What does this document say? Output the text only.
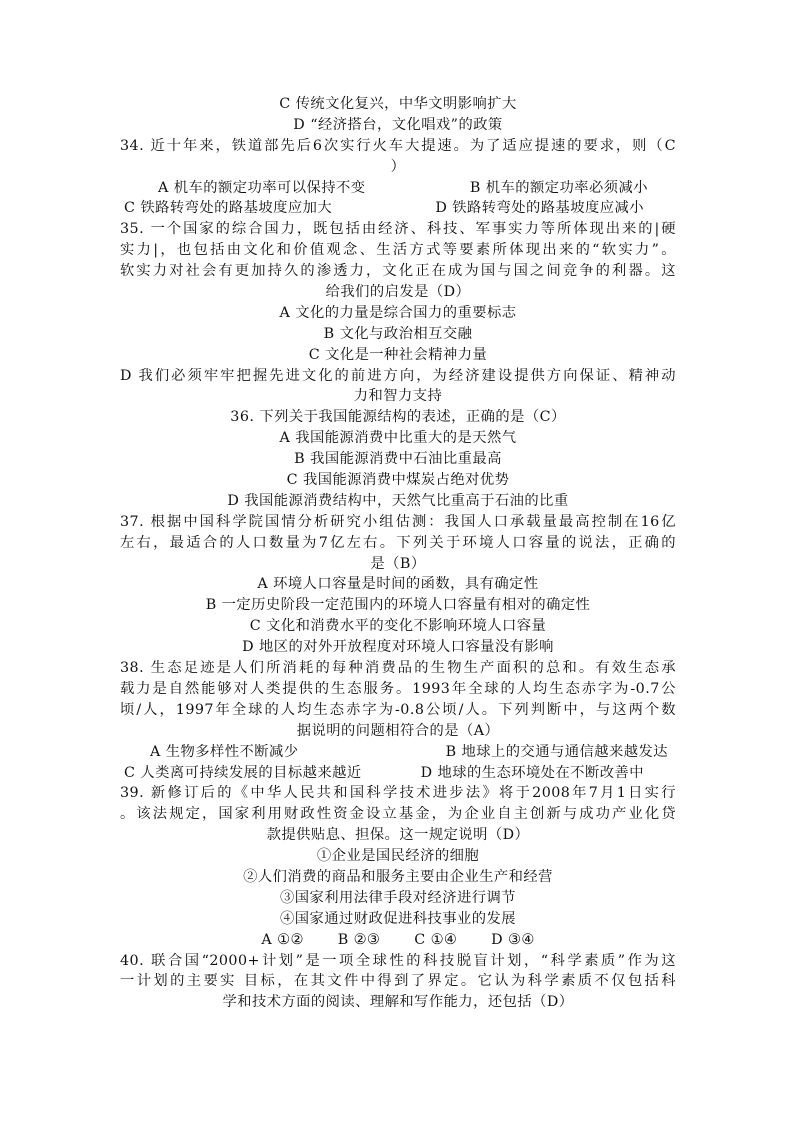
C 传统文化复兴，中华文明影响扩大
D “经济搭台，文化唱戏”的政策
34. 近十年来，铁道部先后6次实行火车大提速。为了适应提速的要求，则（C
）
A 机车的额定功率可以保持不变	B 机车的额定功率必须减小
C 铁路转弯处的路基坡度应加大	D 铁路转弯处的路基坡度应减小
35. 一个国家的综合国力，既包括由经济、科技、军事实力等所体现出来的|硬
实力|，也包括由文化和价值观念、生活方式等要素所体现出来的“软实力”。
软实力对社会有更加持久的渗透力，文化正在成为国与国之间竞争的利器。这
给我们的启发是（D）
A 文化的力量是综合国力的重要标志
B 文化与政治相互交融
C 文化是一种社会精神力量
D 我们必须牢牢把握先进文化的前进方向，为经济建设提供方向保证、精神动
力和智力支持
36. 下列关于我国能源结构的表述，正确的是（C）
A 我国能源消费中比重大的是天然气
B 我国能源消费中石油比重最高
C 我国能源消费中煤炭占绝对优势
D 我国能源消费结构中，天然气比重高于石油的比重
37. 根据中国科学院国情分析研究小组估测：我国人口承载量最高控制在16亿
左右，最适合的人口数量为7亿左右。下列关于环境人口容量的说法，正确的
是（B）
A 环境人口容量是时间的函数，具有确定性
B 一定历史阶段一定范围内的环境人口容量有相对的确定性
C 文化和消费水平的变化不影响环境人口容量
D 地区的对外开放程度对环境人口容量没有影响
38. 生态足迹是人们所消耗的每种消费品的生物生产面积的总和。有效生态承
载力是自然能够对人类提供的生态服务。1993年全球的人均生态赤字为-0.7公
顷/人，1997年全球的人均生态赤字为-0.8公顷/人。下列判断中，与这两个数
据说明的问题相符合的是（A）
A 生物多样性不断减少	B 地球上的交通与通信越来越发达
C 人类离可持续发展的目标越来越近	D 地球的生态环境处在不断改善中
39. 新修订后的《中华人民共和国科学技术进步法》将于2008年7月1日实行
。该法规定，国家利用财政性资金设立基金，为企业自主创新与成功产业化贷
款提供贴息、担保。这一规定说明（D）
①企业是国民经济的细胞
②人们消费的商品和服务主要由企业生产和经营
③国家利用法律手段对经济进行调节
④国家通过财政促进科技事业的发展
A ①② B ②③ C ①④ D ③④
40. 联合国“2000+计划”是一项全球性的科技脱盲计划，“科学素质”作为这
一计划的主要实 目标，在其文件中得到了界定。它认为科学素质不仅包括科
学和技术方面的阅读、理解和写作能力，还包括（D）
